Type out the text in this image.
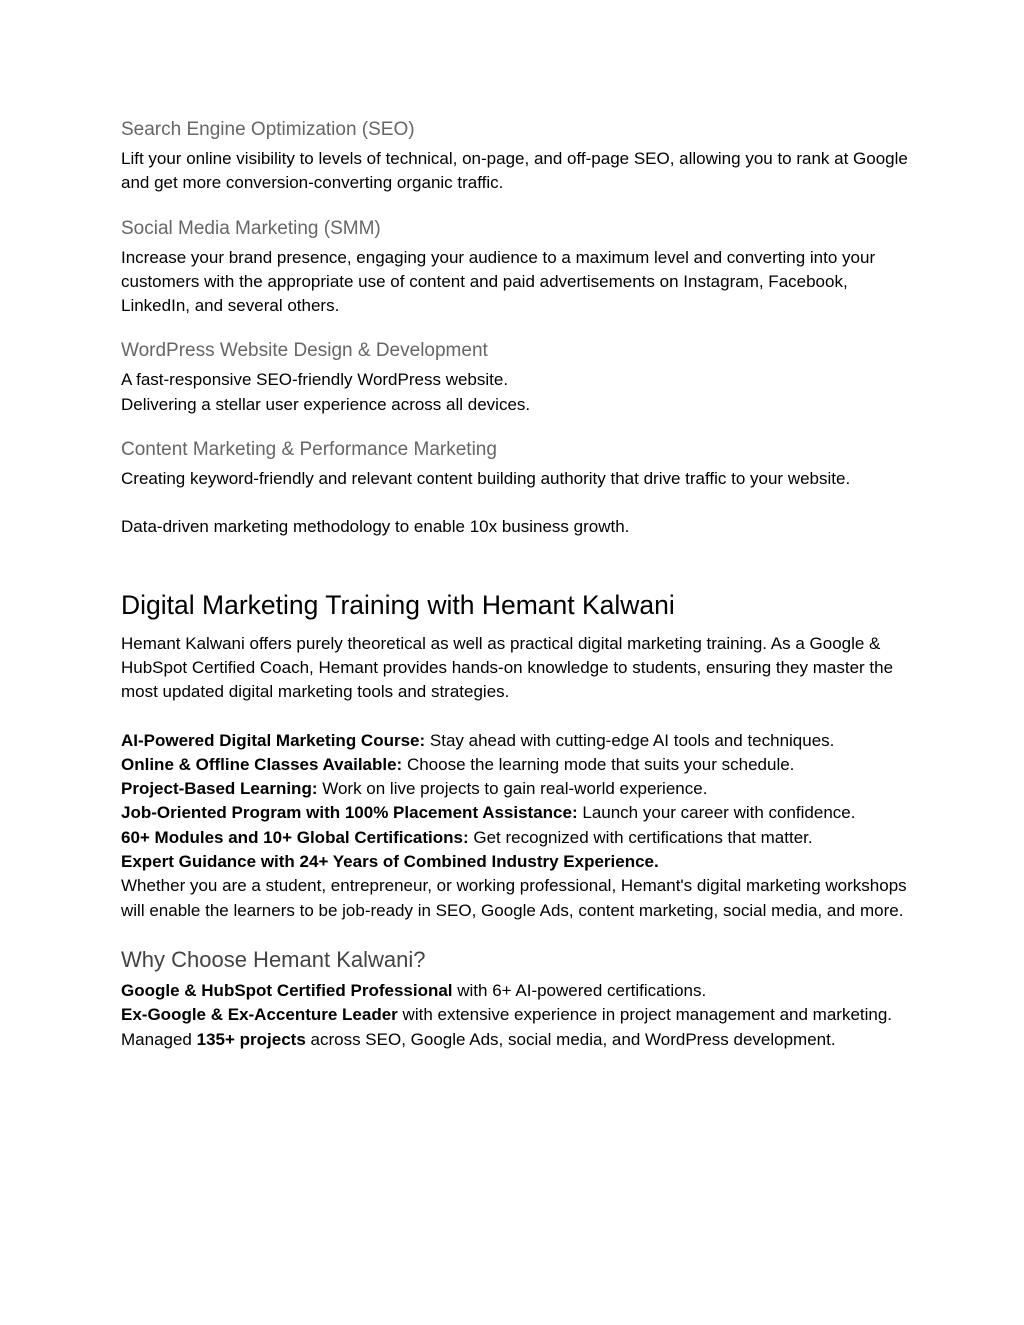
Search Engine Optimization (SEO)

Lift your online visibility to levels of technical, on-page, and off-page SEO, allowing you to rank at Google and get more conversion-converting organic traffic.

Social Media Marketing (SMM)

Increase your brand presence, engaging your audience to a maximum level and converting into your customers with the appropriate use of content and paid advertisements on Instagram, Facebook, LinkedIn, and several others.

WordPress Website Design & Development

A fast-responsive SEO-friendly WordPress website.

Delivering a stellar user experience across all devices.

Content Marketing & Performance Marketing

Creating keyword-friendly and relevant content building authority that drive traffic to your website.

Data-driven marketing methodology to enable 10x business growth.

Digital Marketing Training with Hemant Kalwani

Hemant Kalwani offers purely theoretical as well as practical digital marketing training. As a Google & HubSpot Certified Coach, Hemant provides hands-on knowledge to students, ensuring they master the most updated digital marketing tools and strategies.

AI-Powered Digital Marketing Course: Stay ahead with cutting-edge AI tools and techniques.

Online & Offline Classes Available: Choose the learning mode that suits your schedule.

Project-Based Learning: Work on live projects to gain real-world experience.

Job-Oriented Program with 100% Placement Assistance: Launch your career with confidence.

60+ Modules and 10+ Global Certifications: Get recognized with certifications that matter.

Expert Guidance with 24+ Years of Combined Industry Experience.

Whether you are a student, entrepreneur, or working professional, Hemant's digital marketing workshops will enable the learners to be job-ready in SEO, Google Ads, content marketing, social media, and more.

Why Choose Hemant Kalwani?

Google & HubSpot Certified Professional with 6+ AI-powered certifications.

Ex-Google & Ex-Accenture Leader with extensive experience in project management and marketing.

Managed 135+ projects across SEO, Google Ads, social media, and WordPress development.
